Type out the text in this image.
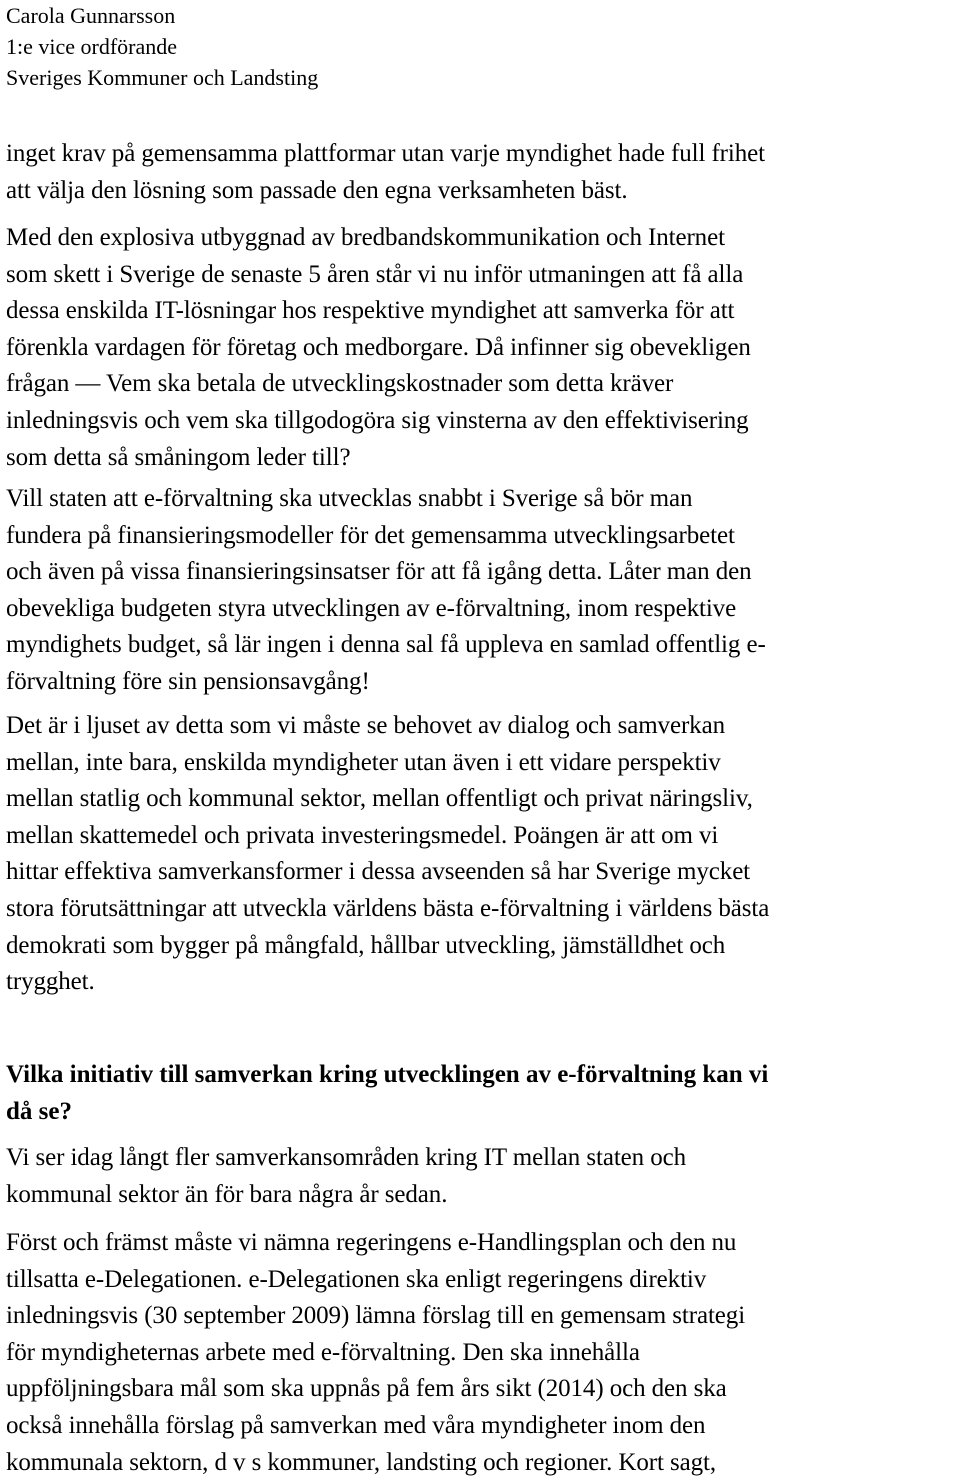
Carola Gunnarsson
1:e vice ordförande
Sveriges Kommuner och Landsting

inget krav på gemensamma plattformar utan varje myndighet hade full frihet
att välja den lösning som passade den egna verksamheten bäst.

Med den explosiva utbyggnad av bredbandskommunikation och Internet
som skett i Sverige de senaste 5 åren står vi nu inför utmaningen att få alla
dessa enskilda IT-lösningar hos respektive myndighet att samverka för att
förenkla vardagen för företag och medborgare. Då infinner sig obevekligen
frågan — Vem ska betala de utvecklingskostnader som detta kräver
inledningsvis och vem ska tillgodogöra sig vinsterna av den effektivisering
som detta så småningom leder till?

Vill staten att e-förvaltning ska utvecklas snabbt i Sverige så bör man
fundera på finansieringsmodeller för det gemensamma utvecklingsarbetet
och även på vissa finansieringsinsatser för att få igång detta. Låter man den
obevekliga budgeten styra utvecklingen av e-förvaltning, inom respektive
myndighets budget, så lär ingen i denna sal få uppleva en samlad offentlig e-
förvaltning före sin pensionsavgång!

Det är i ljuset av detta som vi måste se behovet av dialog och samverkan
mellan, inte bara, enskilda myndigheter utan även i ett vidare perspektiv
mellan statlig och kommunal sektor, mellan offentligt och privat näringsliv,
mellan skattemedel och privata investeringsmedel. Poängen är att om vi
hittar effektiva samverkansformer i dessa avseenden så har Sverige mycket
stora förutsättningar att utveckla världens bästa e-förvaltning i världens bästa
demokrati som bygger på mångfald, hållbar utveckling, jämställdhet och
trygghet.

Vilka initiativ till samverkan kring utvecklingen av e-förvaltning kan vi
då se?

Vi ser idag långt fler samverkansområden kring IT mellan staten och
kommunal sektor än för bara några år sedan.

Först och främst måste vi nämna regeringens e-Handlingsplan och den nu
tillsatta e-Delegationen. e-Delegationen ska enligt regeringens direktiv
inledningsvis (30 september 2009) lämna förslag till en gemensam strategi
för myndigheternas arbete med e-förvaltning. Den ska innehålla
uppföljningsbara mål som ska uppnås på fem års sikt (2014) och den ska
också innehålla förslag på samverkan med våra myndigheter inom den
kommunala sektorn, d v s kommuner, landsting och regioner. Kort sagt,
